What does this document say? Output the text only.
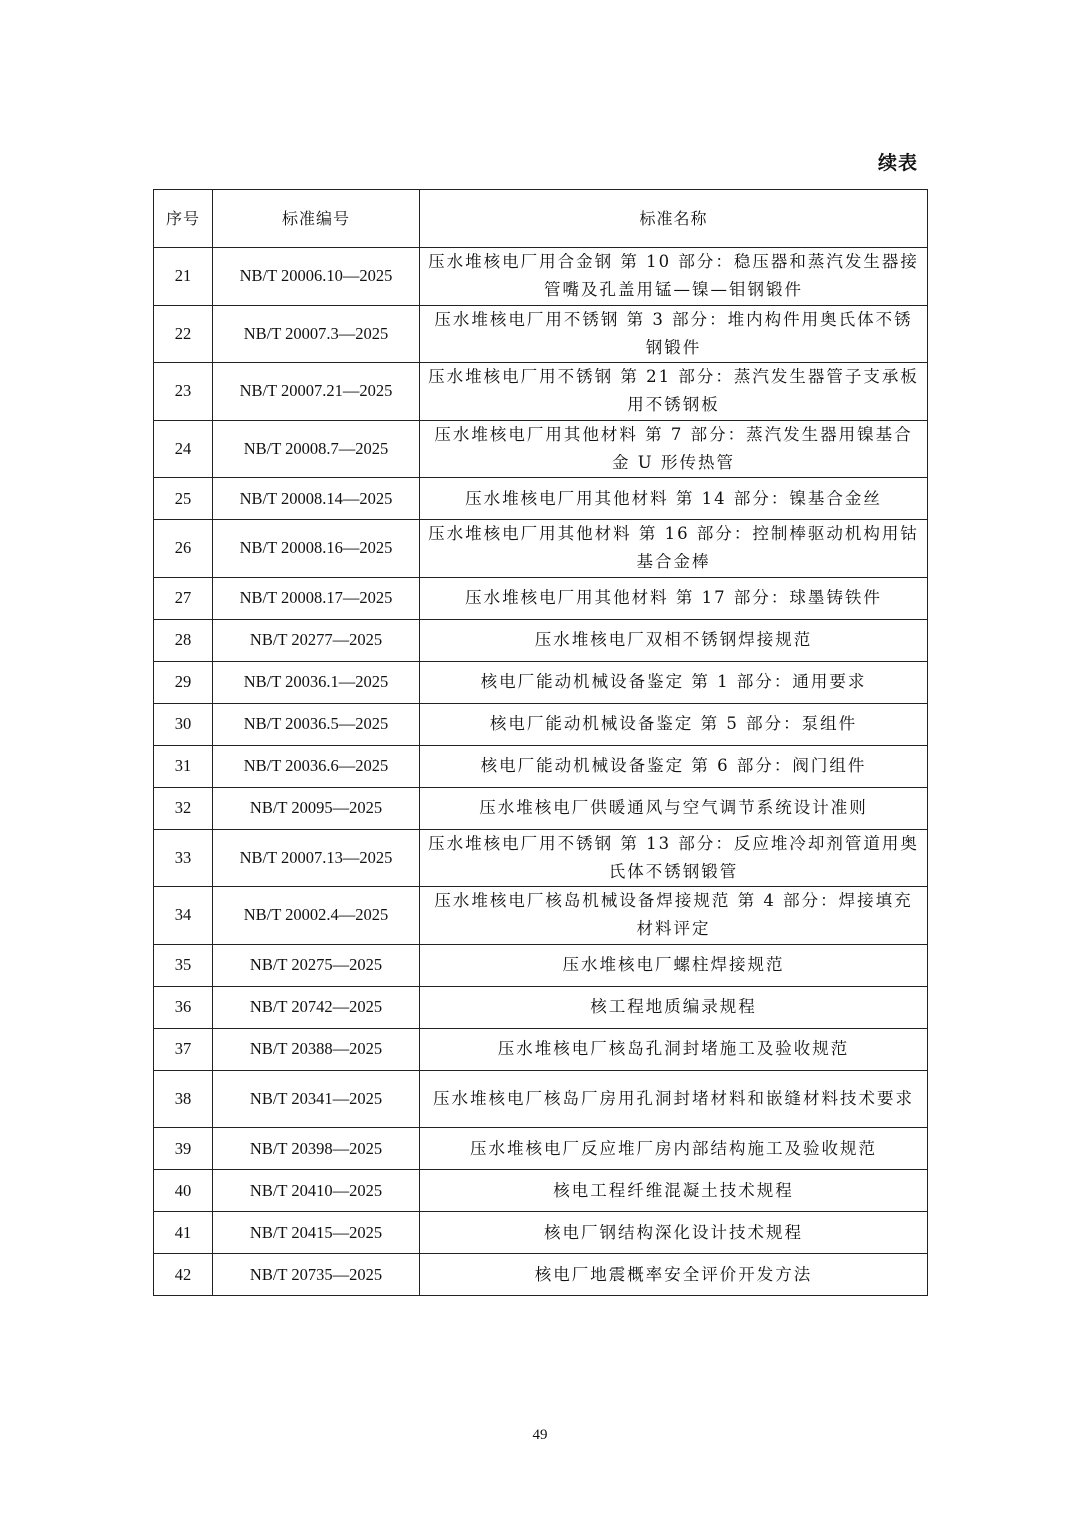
续表
序号	标准编号	标准名称
21	NB/T 20006.10—2025	压水堆核电厂用合金钢 第 10 部分：稳压器和蒸汽发生器接管嘴及孔盖用锰—镍—钼钢锻件
22	NB/T 20007.3—2025	压水堆核电厂用不锈钢 第 3 部分：堆内构件用奥氏体不锈钢锻件
23	NB/T 20007.21—2025	压水堆核电厂用不锈钢 第 21 部分：蒸汽发生器管子支承板用不锈钢板
24	NB/T 20008.7—2025	压水堆核电厂用其他材料 第 7 部分：蒸汽发生器用镍基合金 U 形传热管
25	NB/T 20008.14—2025	压水堆核电厂用其他材料 第 14 部分：镍基合金丝
26	NB/T 20008.16—2025	压水堆核电厂用其他材料 第 16 部分：控制棒驱动机构用钴基合金棒
27	NB/T 20008.17—2025	压水堆核电厂用其他材料 第 17 部分：球墨铸铁件
28	NB/T 20277—2025	压水堆核电厂双相不锈钢焊接规范
29	NB/T 20036.1—2025	核电厂能动机械设备鉴定 第 1 部分：通用要求
30	NB/T 20036.5—2025	核电厂能动机械设备鉴定 第 5 部分：泵组件
31	NB/T 20036.6—2025	核电厂能动机械设备鉴定 第 6 部分：阀门组件
32	NB/T 20095—2025	压水堆核电厂供暖通风与空气调节系统设计准则
33	NB/T 20007.13—2025	压水堆核电厂用不锈钢 第 13 部分：反应堆冷却剂管道用奥氏体不锈钢锻管
34	NB/T 20002.4—2025	压水堆核电厂核岛机械设备焊接规范 第 4 部分：焊接填充材料评定
35	NB/T 20275—2025	压水堆核电厂螺柱焊接规范
36	NB/T 20742—2025	核工程地质编录规程
37	NB/T 20388—2025	压水堆核电厂核岛孔洞封堵施工及验收规范
38	NB/T 20341—2025	压水堆核电厂核岛厂房用孔洞封堵材料和嵌缝材料技术要求
39	NB/T 20398—2025	压水堆核电厂反应堆厂房内部结构施工及验收规范
40	NB/T 20410—2025	核电工程纤维混凝土技术规程
41	NB/T 20415—2025	核电厂钢结构深化设计技术规程
42	NB/T 20735—2025	核电厂地震概率安全评价开发方法
49
